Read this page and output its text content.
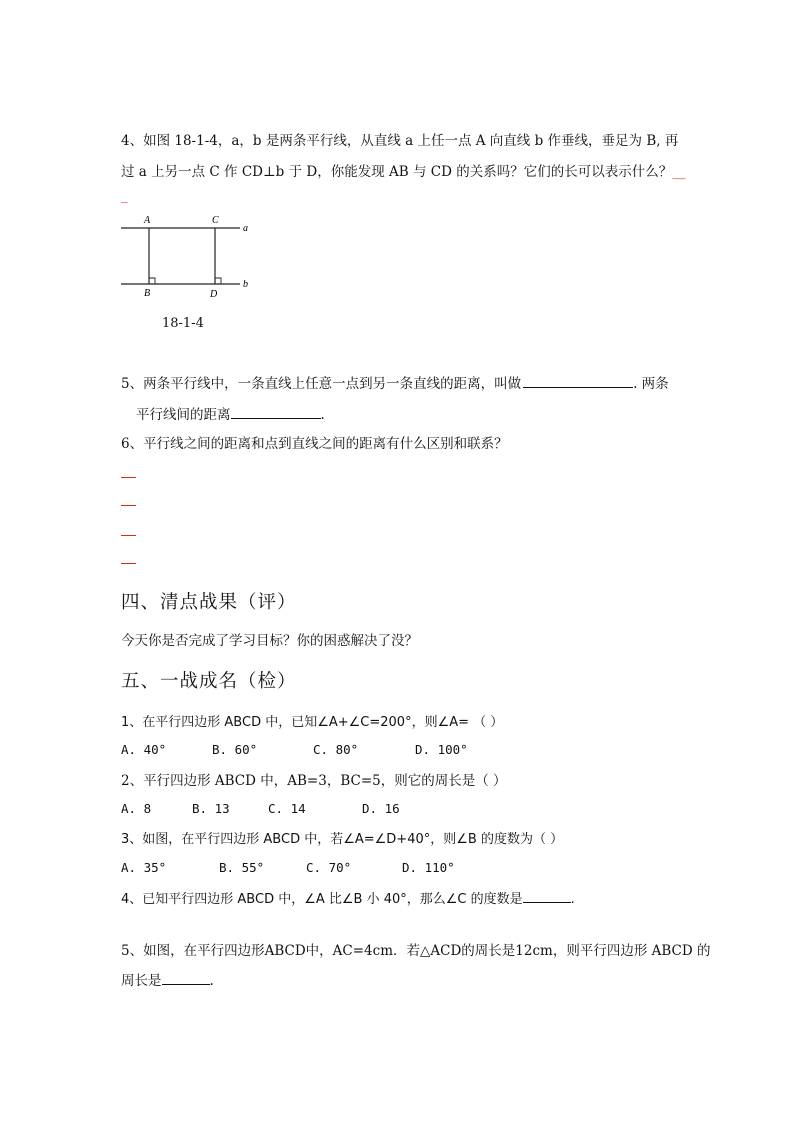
4、如图 18-1-4，a，b 是两条平行线，从直线 a 上任一点 A 向直线 b 作垂线，垂足为 B, 再
过 a 上另一点 C 作 CD⊥b 于 D，你能发现 AB 与 CD 的关系吗？它们的长可以表示什么？__
_
A	C
a
B	D
b
18-1-4
5、两条平行线中，一条直线上任意一点到另一条直线的距离，叫做	. 两条
平行线间的距离	.
6、平行线之间的距离和点到直线之间的距离有什么区别和联系？
四、清点战果（评）
今天你是否完成了学习目标？你的困惑解决了没？
五、一战成名（检）
1、在平行四边形 ABCD 中，已知∠A+∠C=200°，则∠A= （ ）
A. 40°	B. 60°	C. 80°	D. 100°
2、平行四边形 ABCD 中，AB=3，BC=5，则它的周长是（ ）
A. 8	B. 13	C. 14	D. 16
3、如图，在平行四边形 ABCD 中，若∠A=∠D+40°，则∠B 的度数为（ ）
A. 35°	B. 55°	C. 70°	D. 110°
4、已知平行四边形 ABCD 中，∠A 比∠B 小 40°，那么∠C 的度数是	.
5、如图，在平行四边形ABCD中，AC=4cm．若△ACD的周长是12cm，则平行四边形 ABCD 的
周长是	.
